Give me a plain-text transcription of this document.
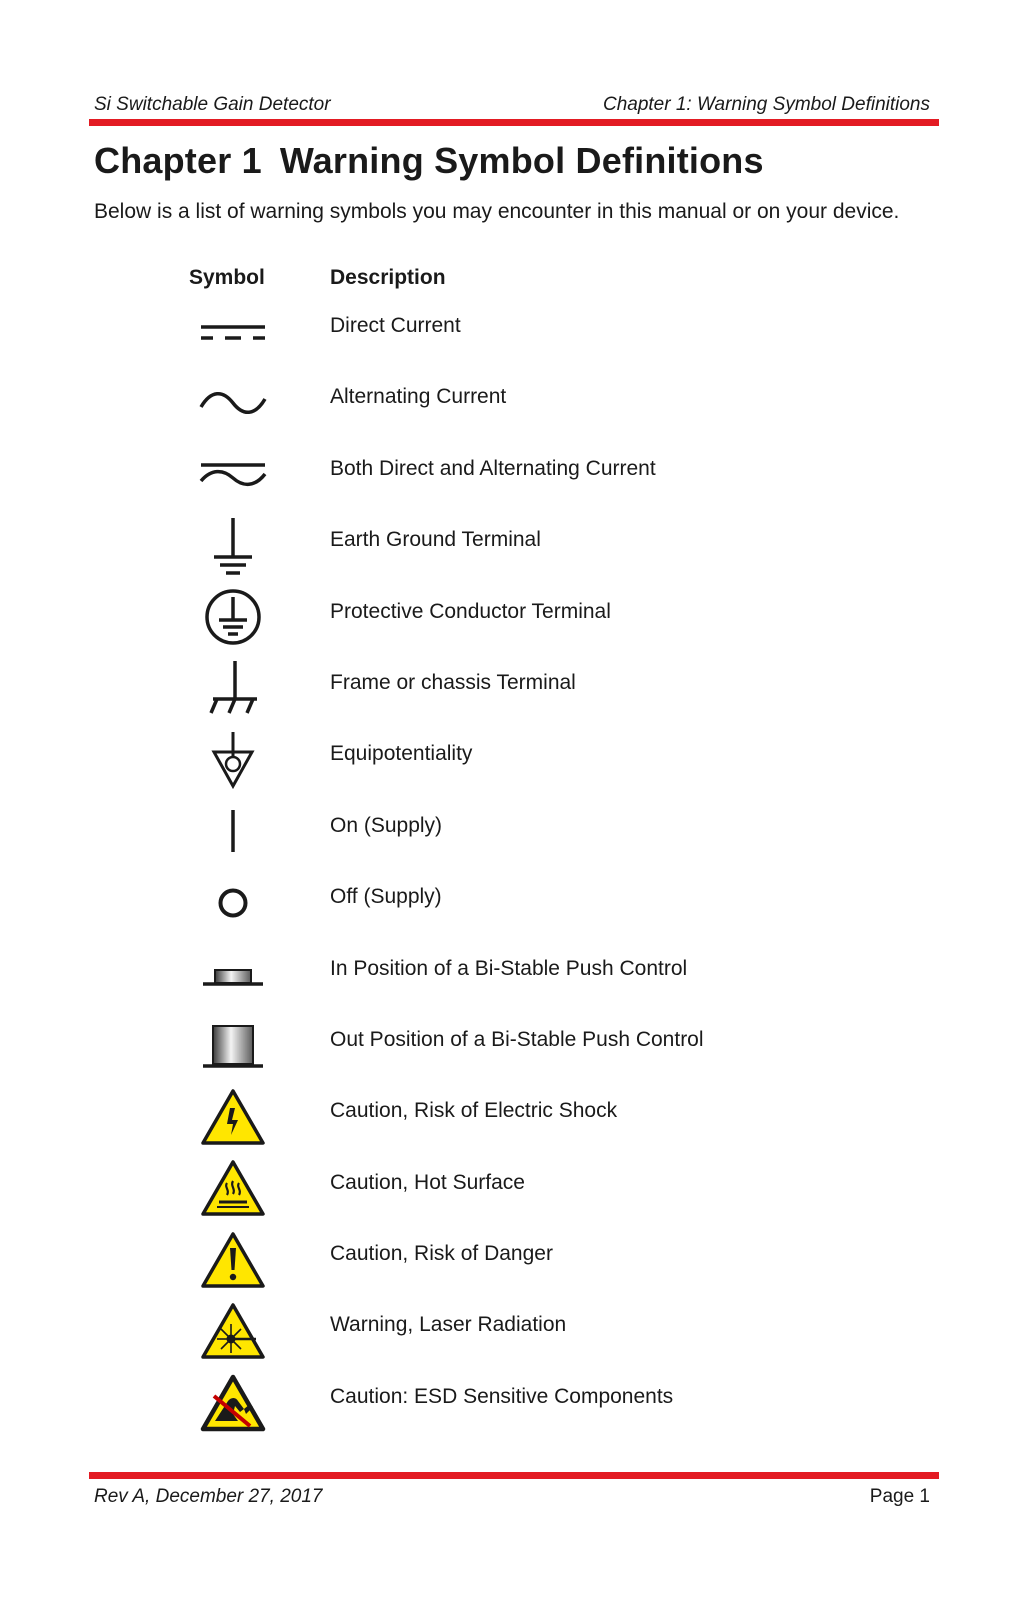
Si Switchable Gain Detector	Chapter 1: Warning Symbol Definitions
Chapter 1 Warning Symbol Definitions

Below is a list of warning symbols you may encounter in this manual or on your device.

Symbol	Description
Direct Current
Alternating Current
Both Direct and Alternating Current
Earth Ground Terminal
Protective Conductor Terminal
Frame or chassis Terminal
Equipotentiality
On (Supply)
Off (Supply)
In Position of a Bi-Stable Push Control
Out Position of a Bi-Stable Push Control
Caution, Risk of Electric Shock
Caution, Hot Surface
Caution, Risk of Danger
Warning, Laser Radiation
Caution: ESD Sensitive Components
Rev A, December 27, 2017	Page 1
